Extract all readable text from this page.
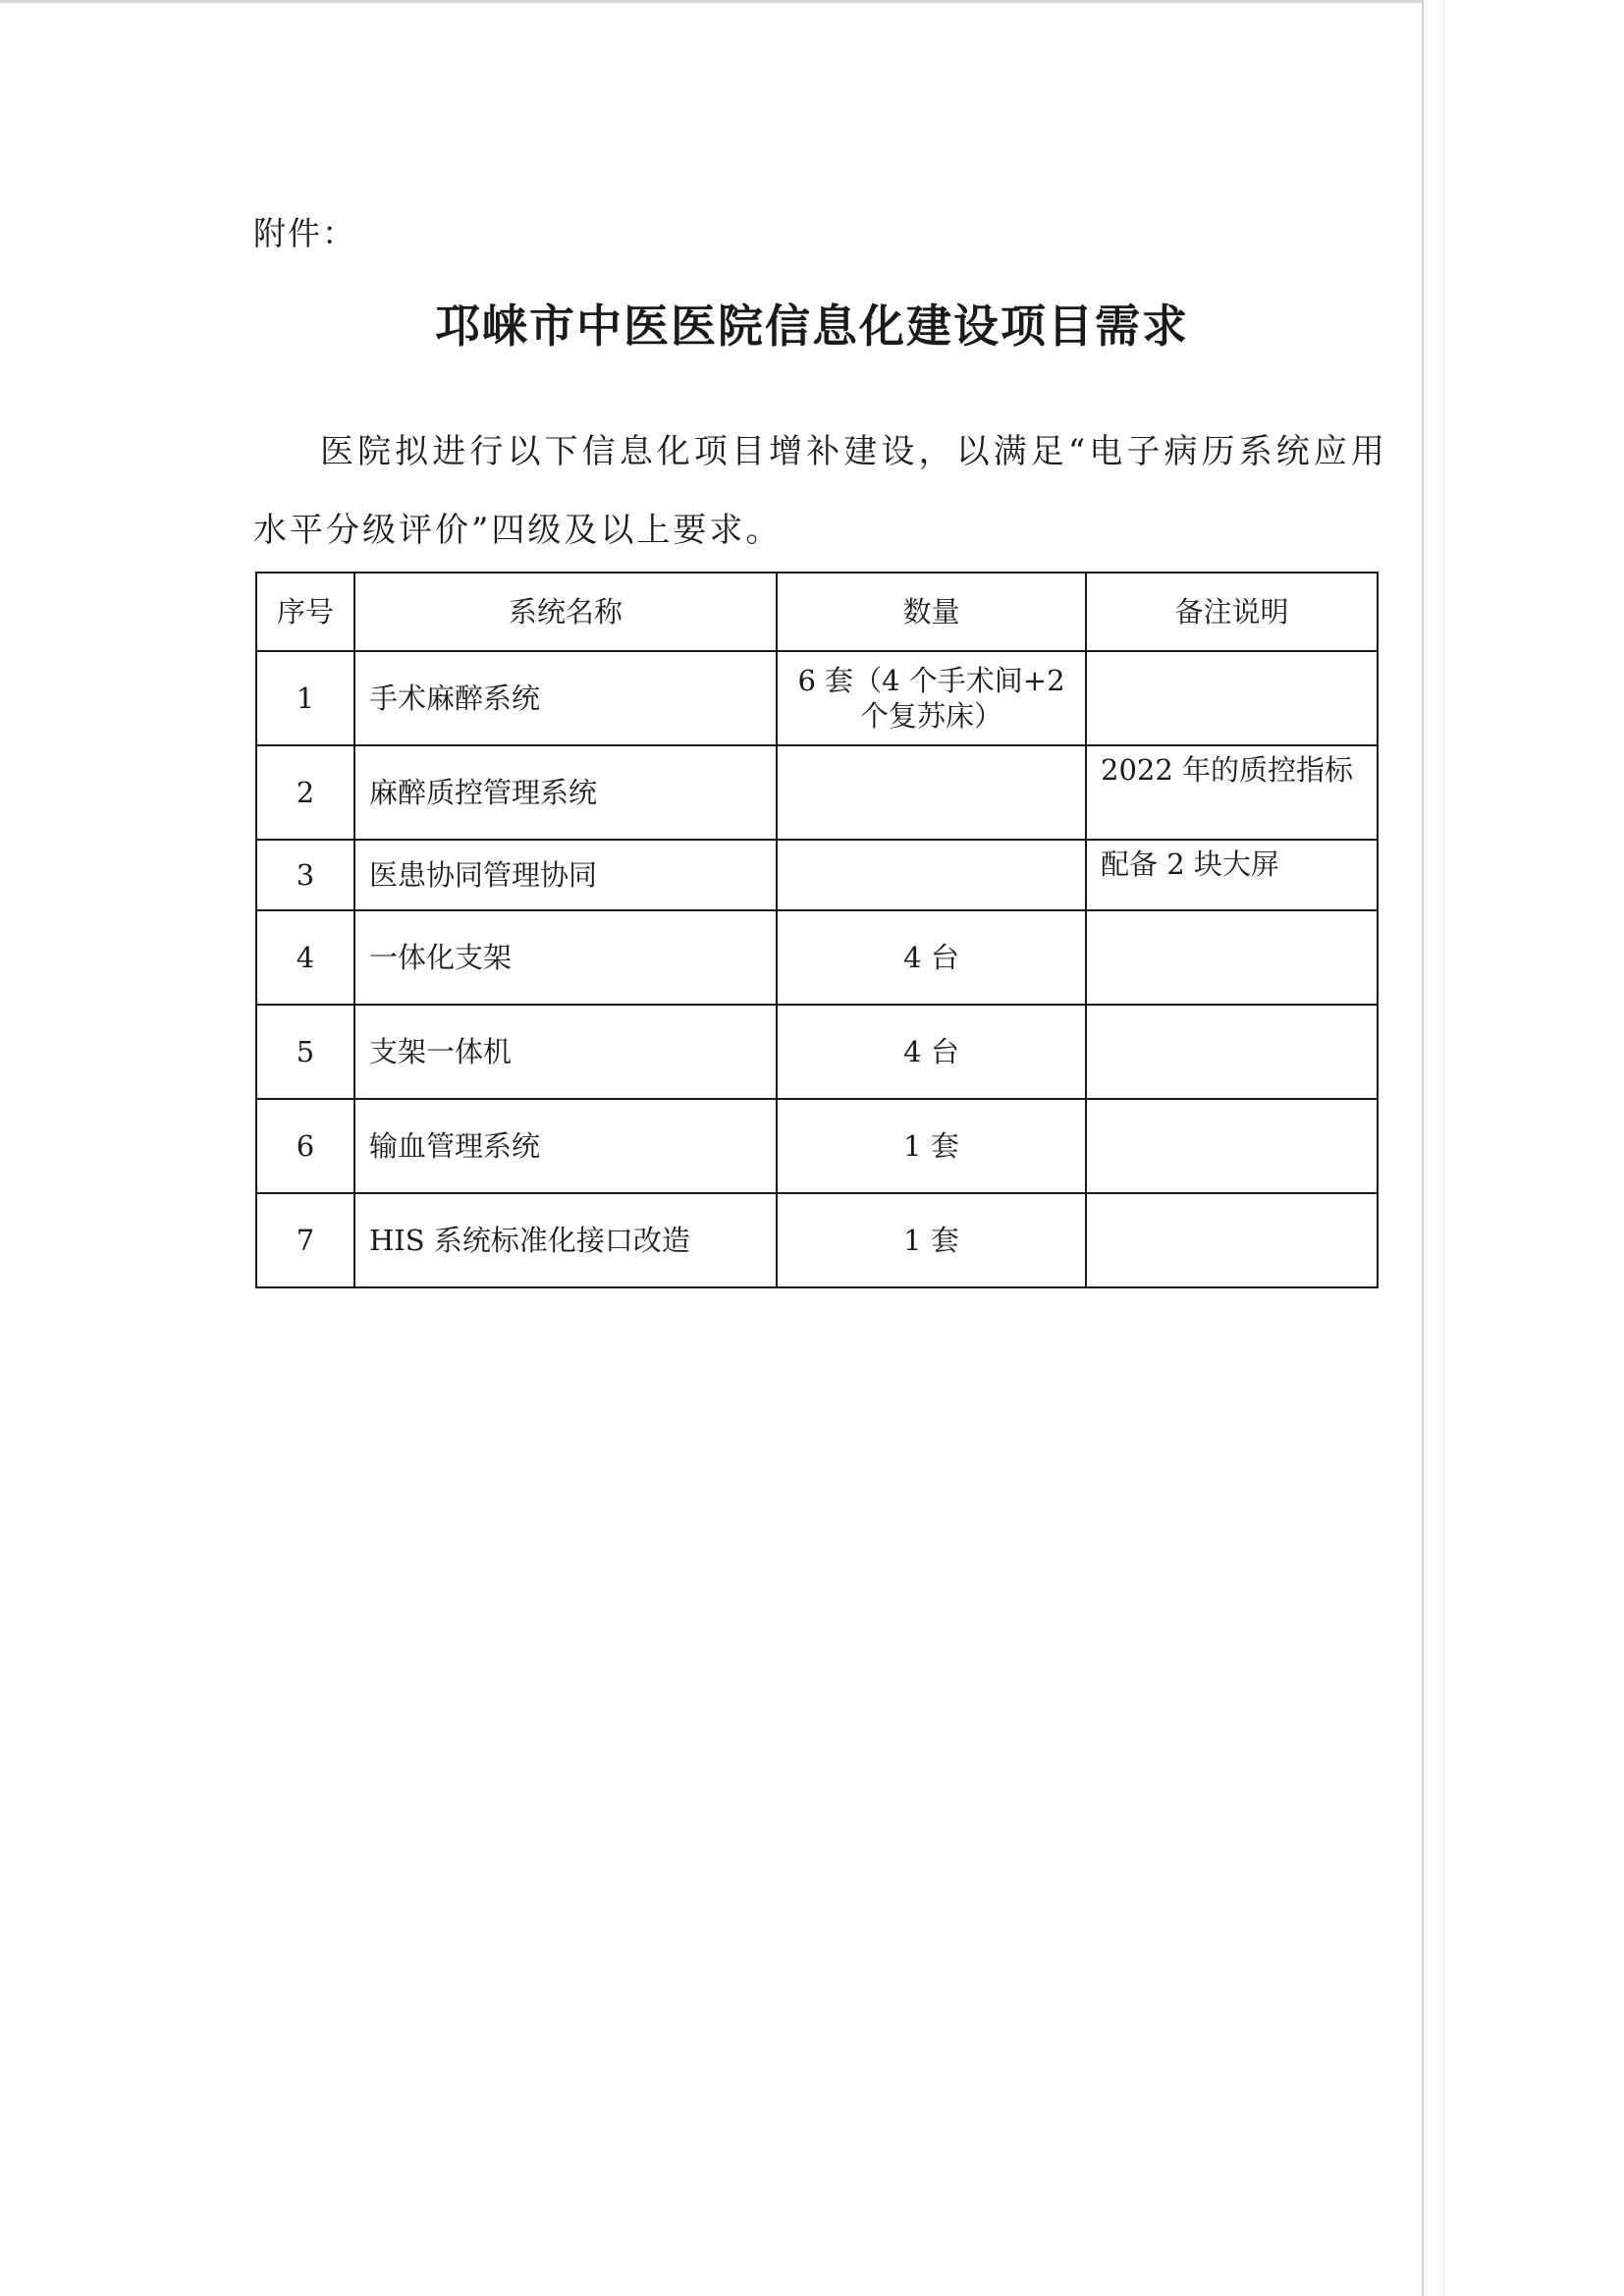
附件：
邛崃市中医医院信息化建设项目需求
医院拟进行以下信息化项目增补建设，以满足“电子病历系统应用水平分级评价”四级及以上要求。
序号	系统名称	数量	备注说明
1	手术麻醉系统	6 套（4 个手术间+2 个复苏床）	
2	麻醉质控管理系统		2022 年的质控指标
3	医患协同管理协同		配备 2 块大屏
4	一体化支架	4 台	
5	支架一体机	4 台	
6	输血管理系统	1 套	
7	HIS 系统标准化接口改造	1 套	
